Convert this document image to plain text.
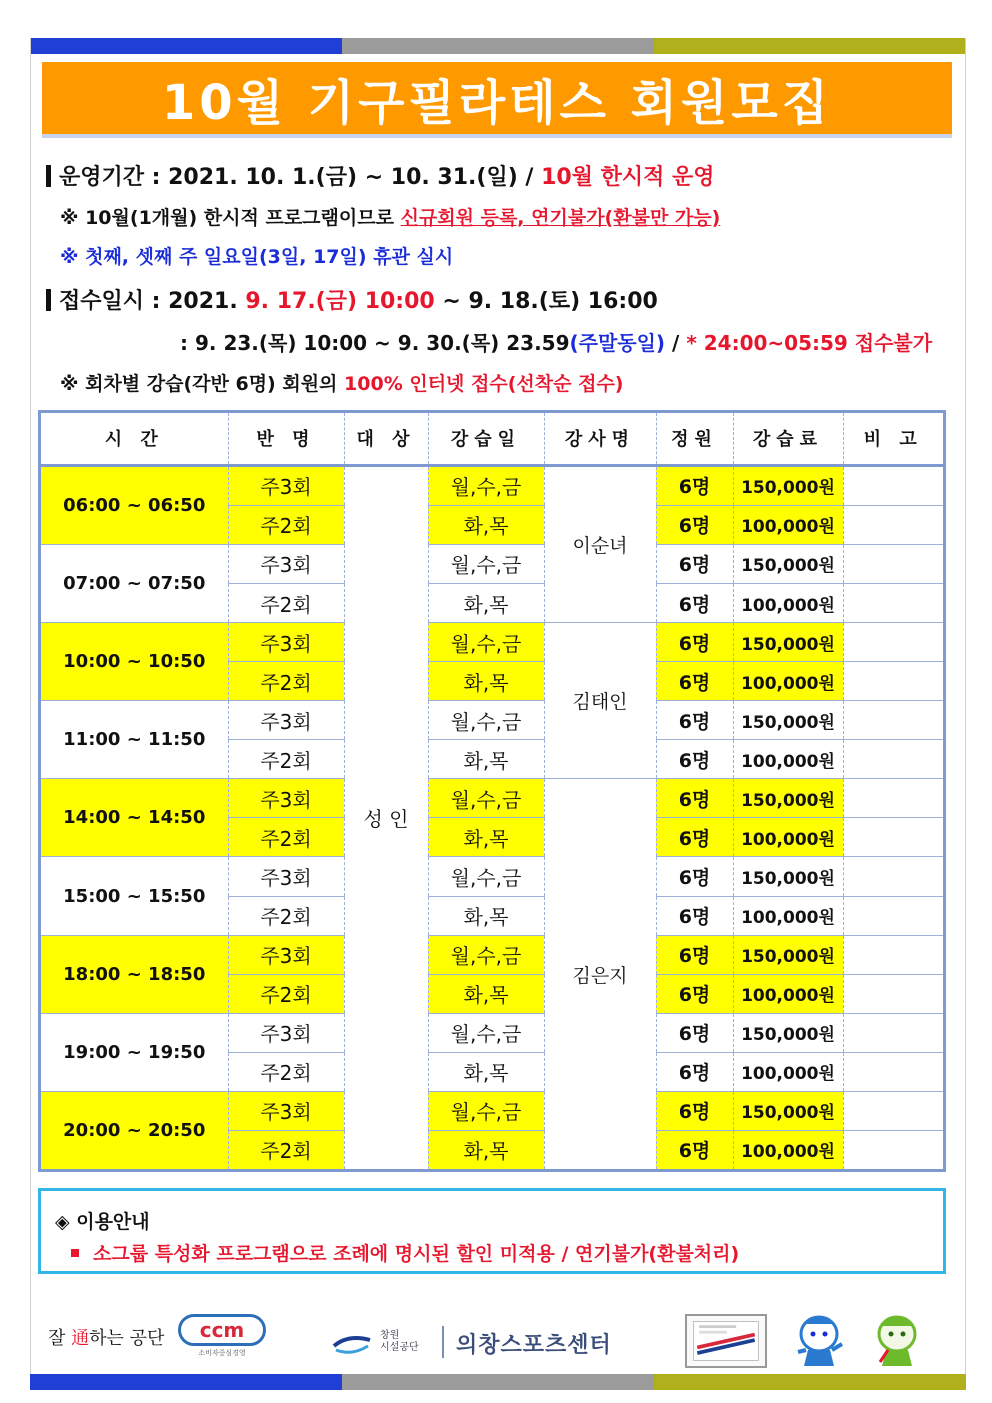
10월 기구필라테스 회원모집
운영기간 : 2021. 10. 1.(금) ~ 10. 31.(일) / 10월 한시적 운영
※ 10월(1개월) 한시적 프로그램이므로 신규회원 등록, 연기불가(환불만 가능)
※ 첫째, 셋째 주 일요일(3일, 17일) 휴관 실시
접수일시 : 2021. 9. 17.(금) 10:00 ~ 9. 18.(토) 16:00
: 9. 23.(목) 10:00 ~ 9. 30.(목) 23.59(주말동일) / * 24:00~05:59 접수불가
※ 회차별 강습(각반 6명) 회원의 100% 인터넷 접수(선착순 접수)
시 간	반 명	대 상	강습일	강사명	정원	강습료	비 고
06:00 ~ 06:50	주3회	성 인	월,수,금	이순녀	6명	150,000원	
	주2회		화,목		6명	100,000원	
07:00 ~ 07:50	주3회		월,수,금		6명	150,000원	
	주2회		화,목		6명	100,000원	
10:00 ~ 10:50	주3회		월,수,금	김태인	6명	150,000원	
	주2회		화,목		6명	100,000원	
11:00 ~ 11:50	주3회		월,수,금		6명	150,000원	
	주2회		화,목		6명	100,000원	
14:00 ~ 14:50	주3회		월,수,금	김은지	6명	150,000원	
	주2회		화,목		6명	100,000원	
15:00 ~ 15:50	주3회		월,수,금		6명	150,000원	
	주2회		화,목		6명	100,000원	
18:00 ~ 18:50	주3회		월,수,금		6명	150,000원	
	주2회		화,목		6명	100,000원	
19:00 ~ 19:50	주3회		월,수,금		6명	150,000원	
	주2회		화,목		6명	100,000원	
20:00 ~ 20:50	주3회		월,수,금		6명	150,000원	
	주2회		화,목		6명	100,000원	
◈ 이용안내
소그룹 특성화 프로그램으로 조례에 명시된 할인 미적용 / 연기불가(환불처리)
잘 通하는 공단	ccm
소비자중심경영
창원
시설공단 의창스포츠센터
